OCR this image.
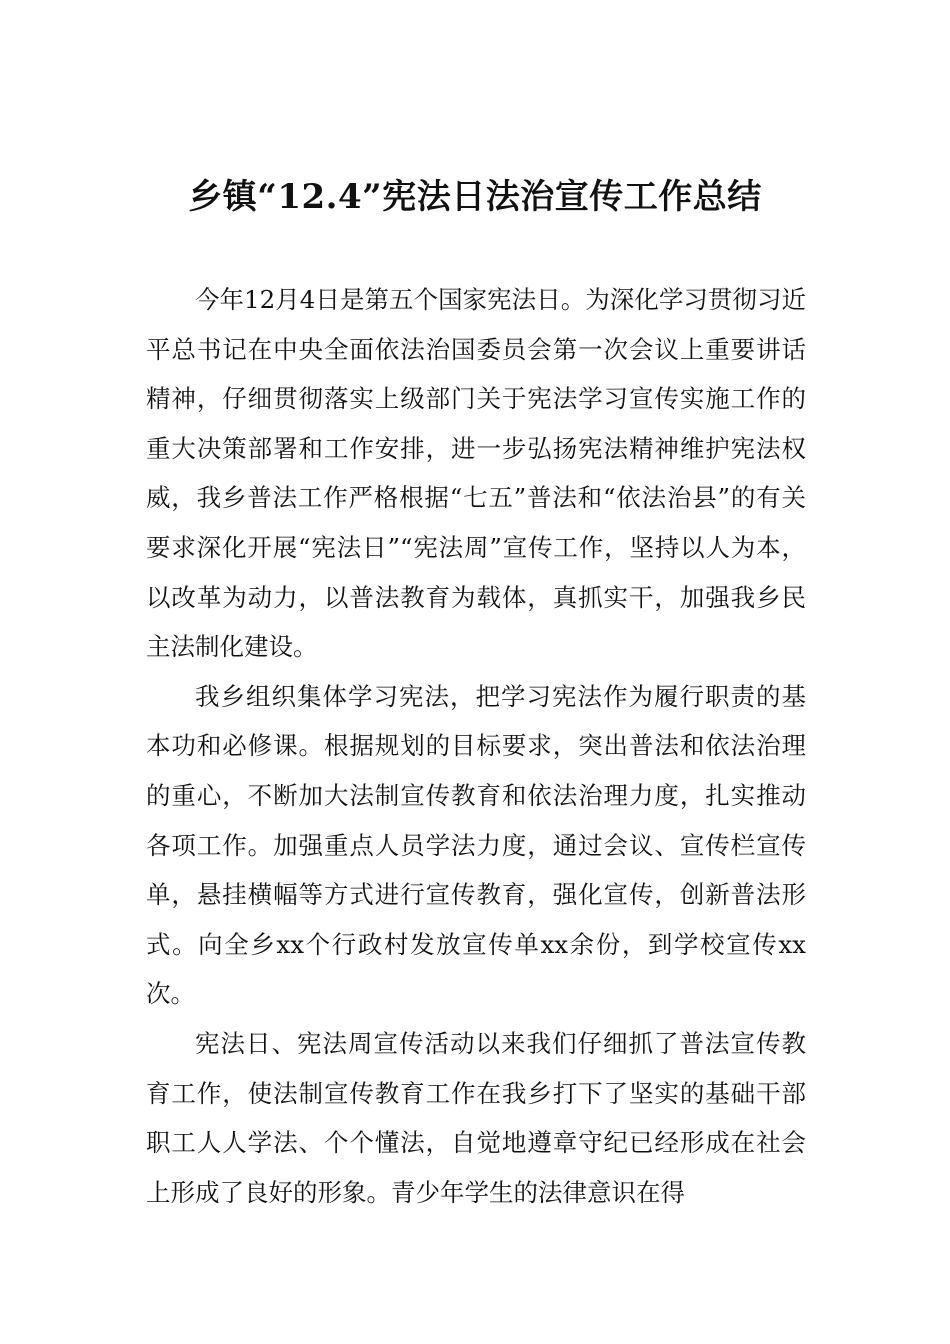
乡镇“12.4”宪法日法治宣传工作总结

今年12月4日是第五个国家宪法日。为深化学习贯彻习近平总书记在中央全面依法治国委员会第一次会议上重要讲话精神，仔细贯彻落实上级部门关于宪法学习宣传实施工作的重大决策部署和工作安排，进一步弘扬宪法精神维护宪法权威，我乡普法工作严格根据“七五”普法和“依法治县”的有关要求深化开展“宪法日”“宪法周”宣传工作，坚持以人为本，以改革为动力，以普法教育为载体，真抓实干，加强我乡民主法制化建设。

我乡组织集体学习宪法，把学习宪法作为履行职责的基本功和必修课。根据规划的目标要求，突出普法和依法治理的重心，不断加大法制宣传教育和依法治理力度，扎实推动各项工作。加强重点人员学法力度，通过会议、宣传栏宣传单，悬挂横幅等方式进行宣传教育，强化宣传，创新普法形式。向全乡xx个行政村发放宣传单xx余份，到学校宣传xx次。

宪法日、宪法周宣传活动以来我们仔细抓了普法宣传教育工作，使法制宣传教育工作在我乡打下了坚实的基础干部职工人人学法、个个懂法，自觉地遵章守纪已经形成在社会上形成了良好的形象。青少年学生的法律意识在得
